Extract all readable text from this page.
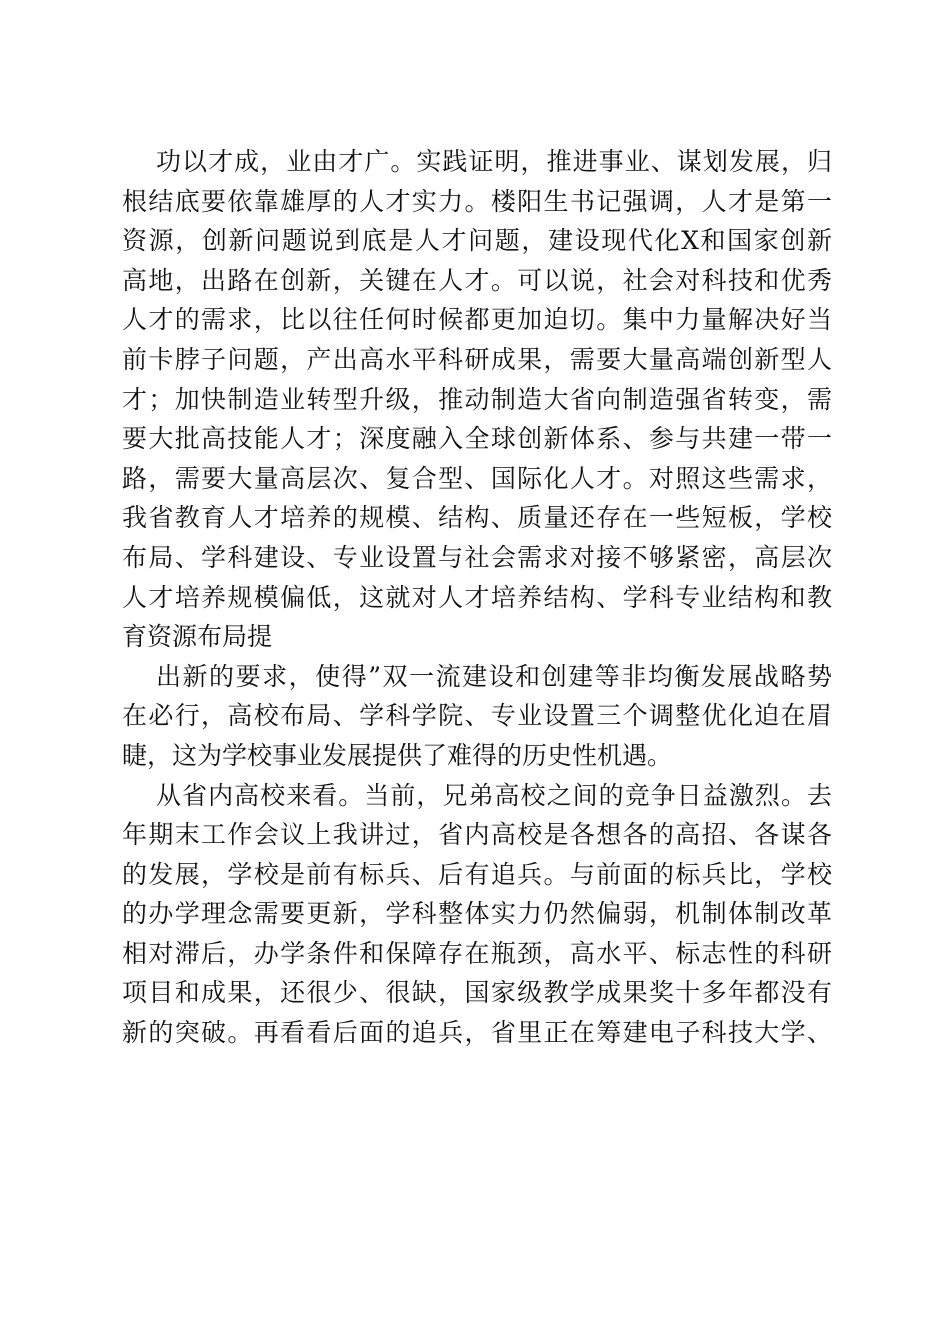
功以才成，业由才广。实践证明，推进事业、谋划发展，归
根结底要依靠雄厚的人才实力。楼阳生书记强调，人才是第一
资源，创新问题说到底是人才问题，建设现代化X和国家创新
高地，出路在创新，关键在人才。可以说，社会对科技和优秀
人才的需求，比以往任何时候都更加迫切。集中力量解决好当
前卡脖子问题，产出高水平科研成果，需要大量高端创新型人
才；加快制造业转型升级，推动制造大省向制造强省转变，需
要大批高技能人才；深度融入全球创新体系、参与共建一带一
路，需要大量高层次、复合型、国际化人才。对照这些需求，
我省教育人才培养的规模、结构、质量还存在一些短板，学校
布局、学科建设、专业设置与社会需求对接不够紧密，高层次
人才培养规模偏低，这就对人才培养结构、学科专业结构和教
育资源布局提
出新的要求，使得”双一流建设和创建等非均衡发展战略势
在必行，高校布局、学科学院、专业设置三个调整优化迫在眉
睫，这为学校事业发展提供了难得的历史性机遇。
从省内高校来看。当前，兄弟高校之间的竞争日益激烈。去
年期末工作会议上我讲过，省内高校是各想各的高招、各谋各
的发展，学校是前有标兵、后有追兵。与前面的标兵比，学校
的办学理念需要更新，学科整体实力仍然偏弱，机制体制改革
相对滞后，办学条件和保障存在瓶颈，高水平、标志性的科研
项目和成果，还很少、很缺，国家级教学成果奖十多年都没有
新的突破。再看看后面的追兵，省里正在筹建电子科技大学、
